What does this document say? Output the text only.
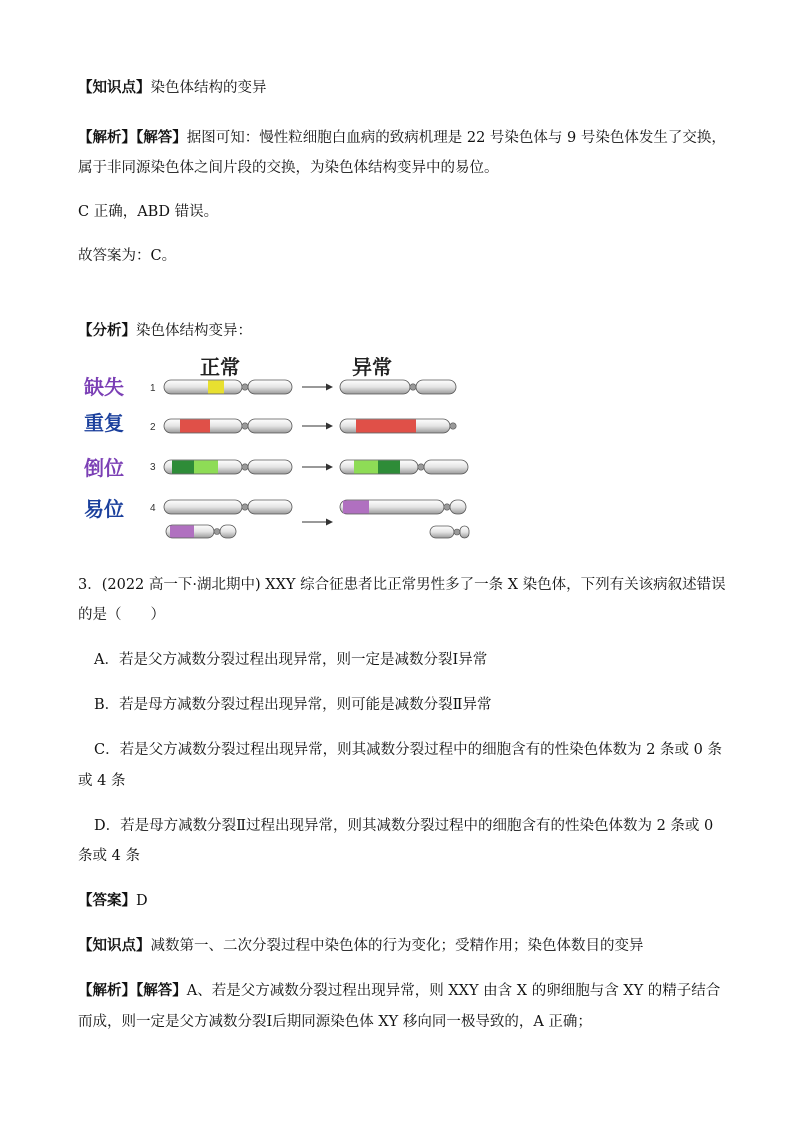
【知识点】染色体结构的变异
【解析】【解答】据图可知：慢性粒细胞白血病的致病机理是 22 号染色体与 9 号染色体发生了交换，
属于非同源染色体之间片段的交换，为染色体结构变异中的易位。
C 正确，ABD 错误。
故答案为：C。
【分析】染色体结构变异：
正常	异常
缺失
重复
倒位
易位
1
2
3
4
3．(2022 高一下·湖北期中) XXY 综合征患者比正常男性多了一条 X 染色体，下列有关该病叙述错误
的是（　　）
A．若是父方减数分裂过程出现异常，则一定是减数分裂Ⅰ异常
B．若是母方减数分裂过程出现异常，则可能是减数分裂Ⅱ异常
C．若是父方减数分裂过程出现异常，则其减数分裂过程中的细胞含有的性染色体数为 2 条或 0 条
或 4 条
D．若是母方减数分裂Ⅱ过程出现异常，则其减数分裂过程中的细胞含有的性染色体数为 2 条或 0
条或 4 条
【答案】D
【知识点】减数第一、二次分裂过程中染色体的行为变化；受精作用；染色体数目的变异
【解析】【解答】A、若是父方减数分裂过程出现异常，则 XXY 由含 X 的卵细胞与含 XY 的精子结合
而成，则一定是父方减数分裂Ⅰ后期同源染色体 XY 移向同一极导致的，A 正确；
